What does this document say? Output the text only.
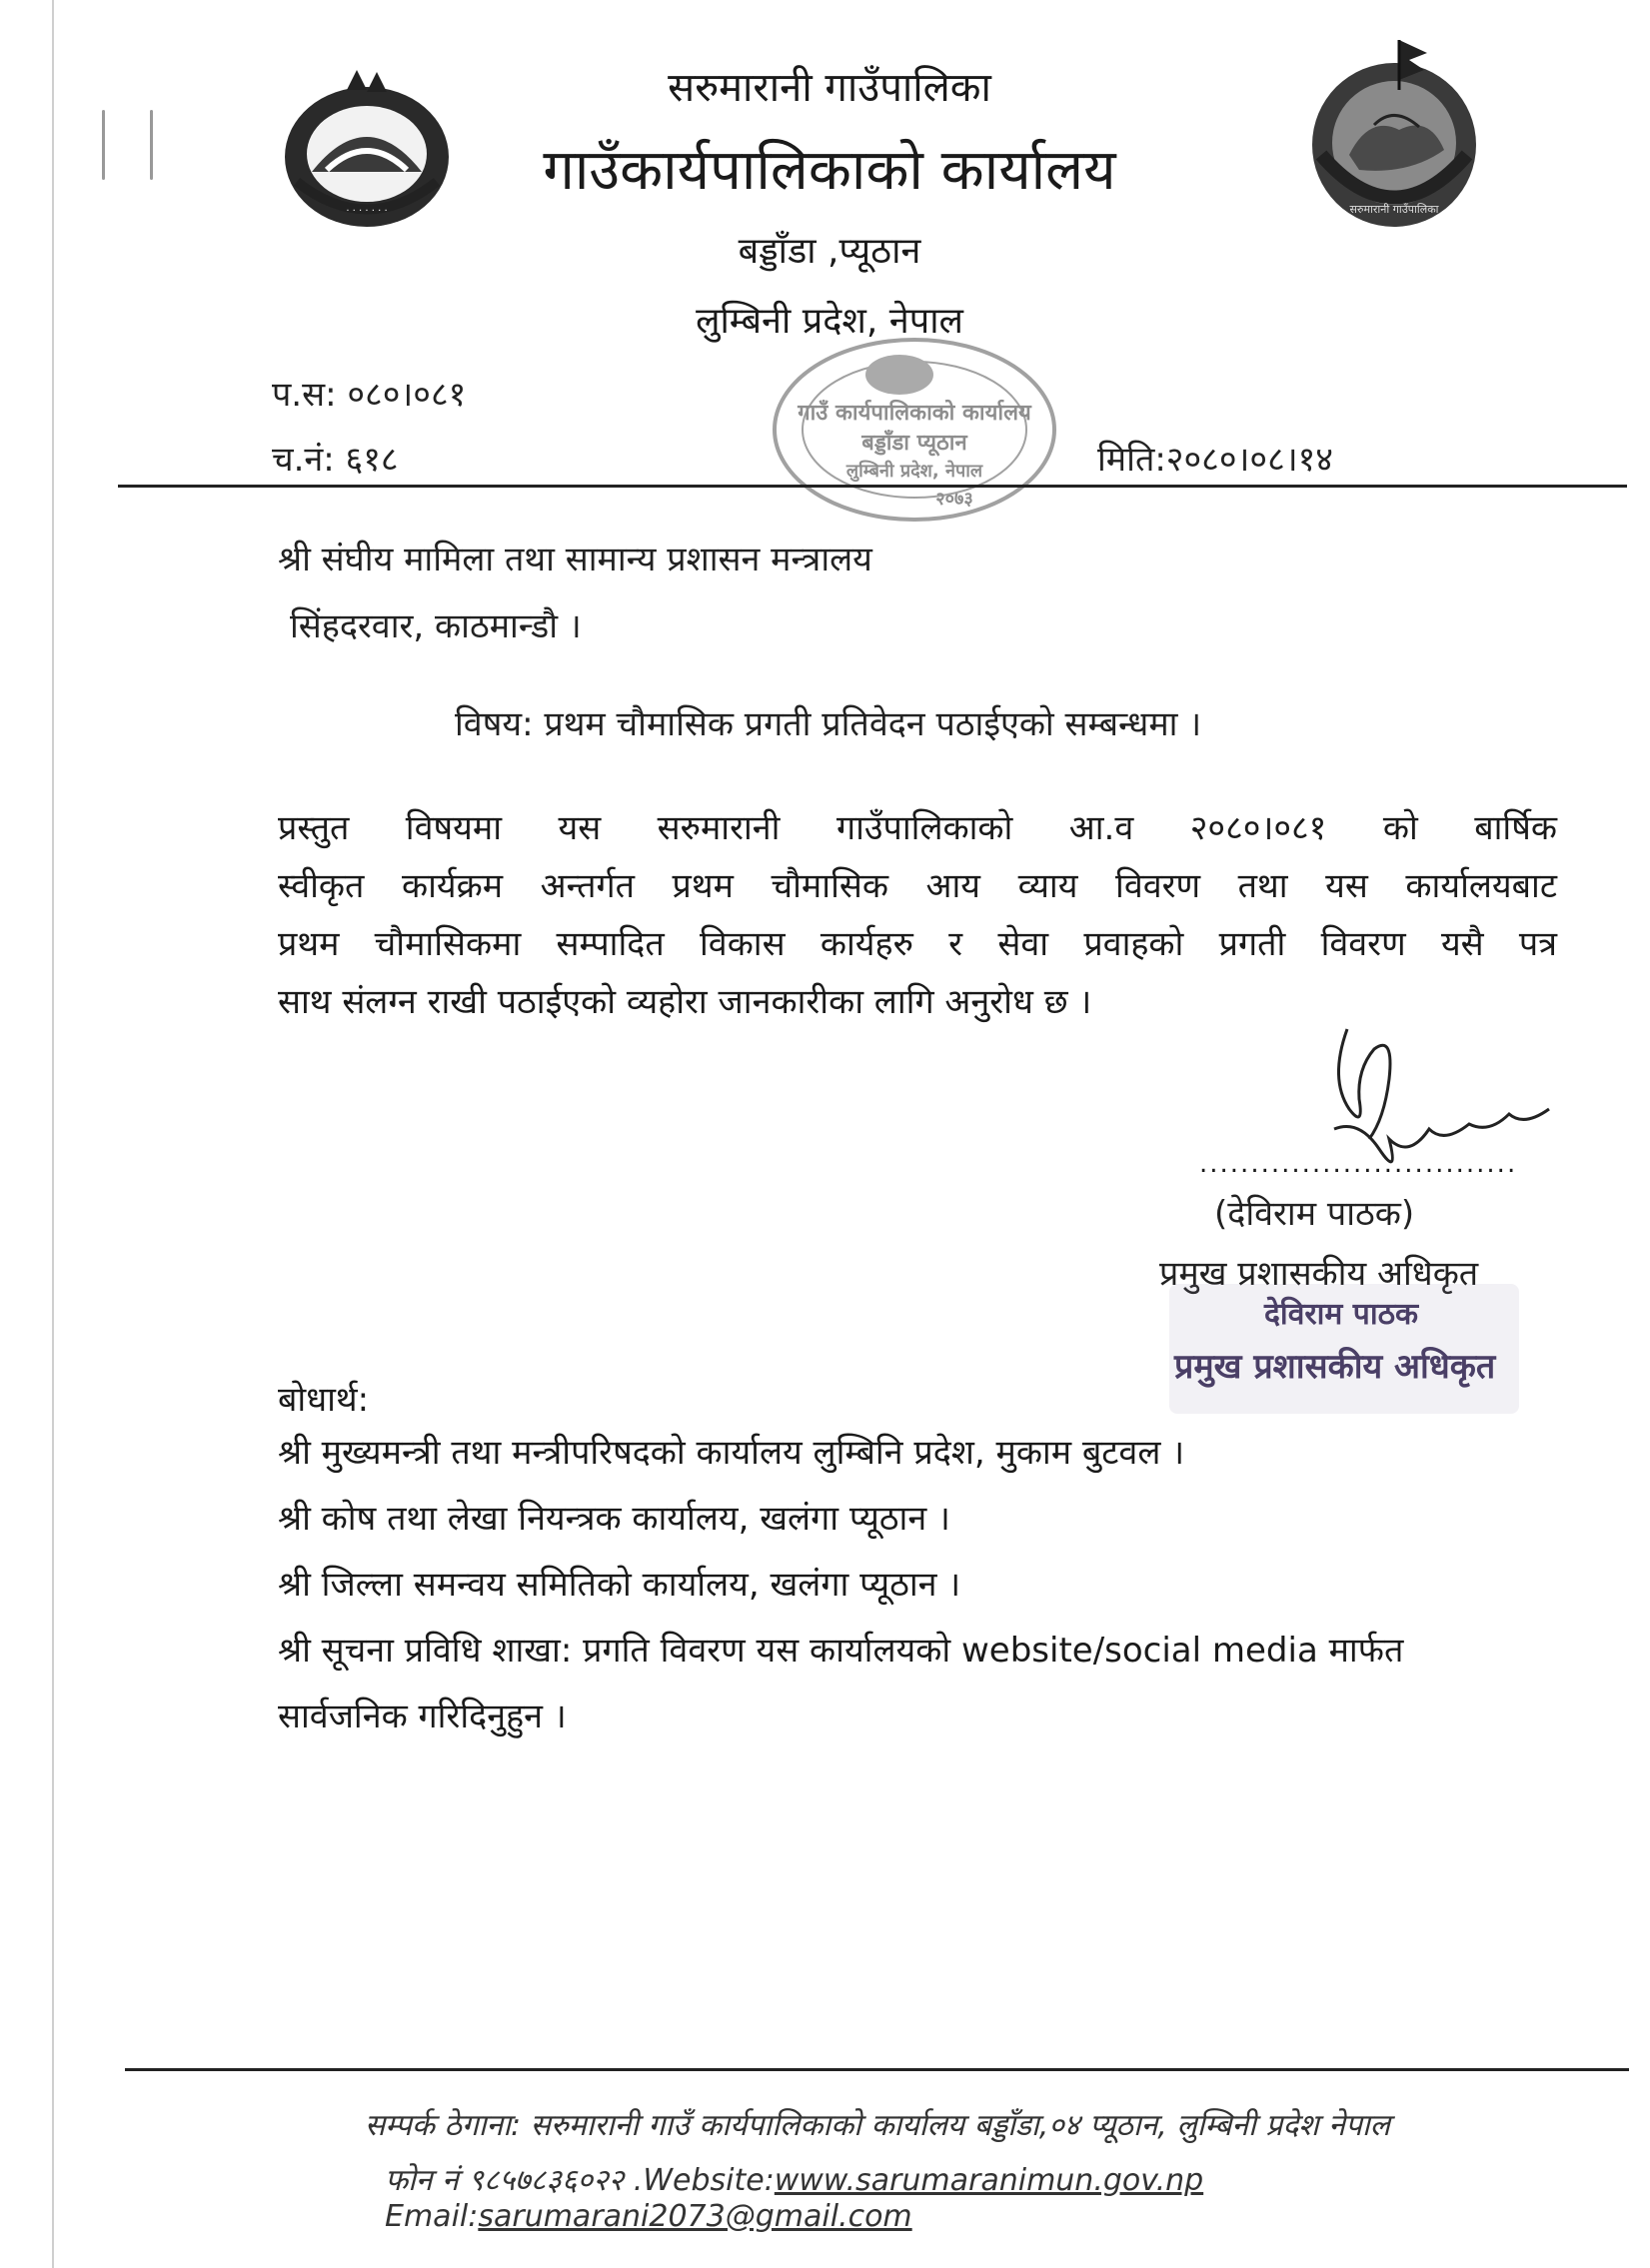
· · · · · · ·	सरुमारानी गाउँपालिका
सरुमारानी गाउँपालिका
गाउँकार्यपालिकाको कार्यालय
बड्डाँडा ,प्यूठान
लुम्बिनी प्रदेश, नेपाल
गाउँ कार्यपालिकाको कार्यालय
बड्डाँडा प्यूठान
लुम्बिनी प्रदेश, नेपाल
२०७३
प.स: ०८०।०८१
च.नं: ६१८	मिति:२०८०।०८।१४
श्री संघीय मामिला तथा सामान्य प्रशासन मन्त्रालय
सिंहदरवार, काठमान्डौ ।
विषय: प्रथम चौमासिक प्रगती प्रतिवेदन पठाईएको सम्बन्धमा ।
प्रस्तुत विषयमा यस सरुमारानी गाउँपालिकाको आ.व २०८०।०८१ को बार्षिक
स्वीकृत कार्यक्रम अन्तर्गत प्रथम चौमासिक आय व्याय विवरण तथा यस कार्यालयबाट
प्रथम चौमासिकमा सम्पादित विकास कार्यहरु र सेवा प्रवाहको प्रगती विवरण यसै पत्र
साथ संलग्न राखी पठाईएको व्यहोरा जानकारीका लागि अनुरोध छ ।
...............................
(देविराम पाठक)
प्रमुख प्रशासकीय अधिकृत
देविराम पाठक
प्रमुख प्रशासकीय अधिकृत
बोधार्थ:
श्री मुख्यमन्त्री तथा मन्त्रीपरिषदको कार्यालय लुम्बिनि प्रदेश, मुकाम बुटवल ।
श्री कोष तथा लेखा नियन्त्रक कार्यालय, खलंगा प्यूठान ।
श्री जिल्ला समन्वय समितिको कार्यालय, खलंगा प्यूठान ।
श्री सूचना प्रविधि शाखा: प्रगति विवरण यस कार्यालयको website/social media मार्फत
सार्वजनिक गरिदिनुहुन ।
सम्पर्क ठेगाना: सरुमारानी गाउँ कार्यपालिकाको कार्यालय बड्डाँडा,०४ प्यूठान, लुम्बिनी प्रदेश नेपाल
फोन नं ९८५७८३६०२२ .Website:www.sarumaranimun.gov.np Email:sarumarani2073@gmail.com
